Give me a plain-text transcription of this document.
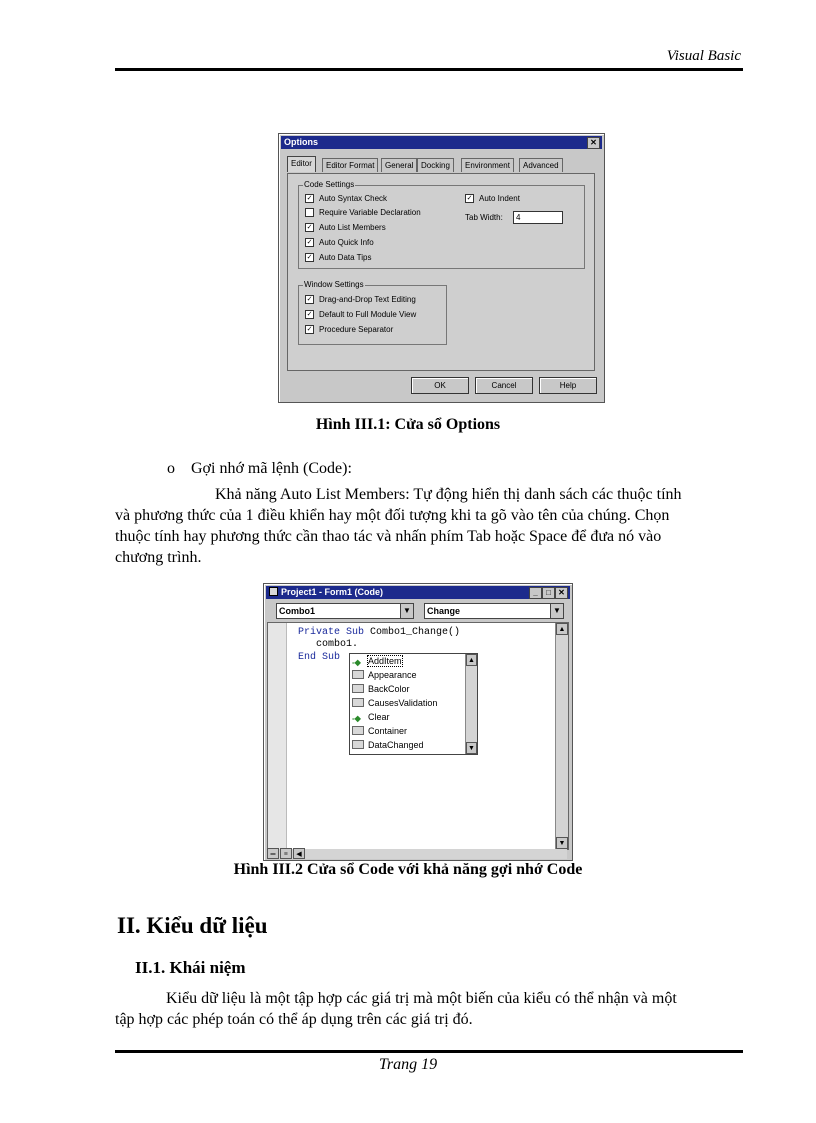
Visual Basic
Options	✕
Editor	Editor Format	General Docking	Environment	Advanced
Code Settings
✓ Auto Syntax Check
Require Variable Declaration
✓ Auto List Members
✓ Auto Quick Info
✓ Auto Data Tips
✓ Auto Indent
Tab Width:	4
Window Settings
✓ Drag-and-Drop Text Editing
✓ Default to Full Module View
✓ Procedure Separator
OK	Cancel	Help
Hình III.1: Cửa sổ Options
o Gợi nhớ mã lệnh (Code):
Khả năng Auto List Members: Tự động hiển thị danh sách các thuộc tính
và phương thức của 1 điều khiển hay một đối tượng khi ta gõ vào tên của chúng. Chọn
thuộc tính hay phương thức cần thao tác và nhấn phím Tab hoặc Space để đưa nó vào
chương trình.
Project1 - Form1 (Code)	_	□ ✕
Combo1	▼	Change	▼
Private Sub Combo1_Change()
combo1.
End Sub -◆ AddItem
Appearance
BackColor
CausesValidation
-◆ Clear
Container
DataChanged
▲
▼
▲
▼
═	≡	◀
Hình III.2 Cửa sổ Code với khả năng gợi nhớ Code
II. Kiểu dữ liệu
II.1. Khái niệm
Kiểu dữ liệu là một tập hợp các giá trị mà một biến của kiểu có thể nhận và một
tập hợp các phép toán có thể áp dụng trên các giá trị đó.
Trang 19
